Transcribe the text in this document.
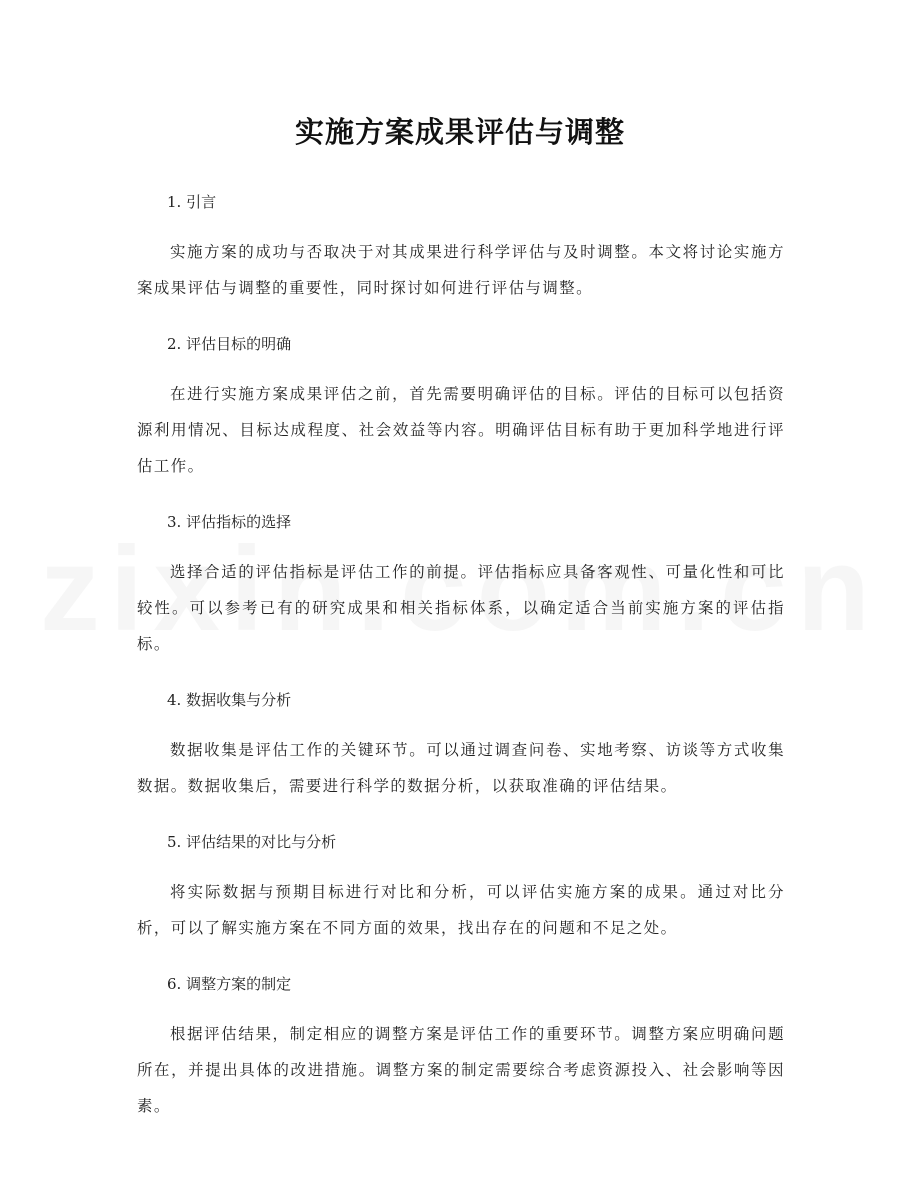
实施方案成果评估与调整
1. 引言

实施方案的成功与否取决于对其成果进行科学评估与及时调整。本文将讨论实施方案成果评估与调整的重要性，同时探讨如何进行评估与调整。

2. 评估目标的明确

在进行实施方案成果评估之前，首先需要明确评估的目标。评估的目标可以包括资源利用情况、目标达成程度、社会效益等内容。明确评估目标有助于更加科学地进行评估工作。

3. 评估指标的选择

选择合适的评估指标是评估工作的前提。评估指标应具备客观性、可量化性和可比较性。可以参考已有的研究成果和相关指标体系，以确定适合当前实施方案的评估指标。

4. 数据收集与分析

数据收集是评估工作的关键环节。可以通过调查问卷、实地考察、访谈等方式收集数据。数据收集后，需要进行科学的数据分析，以获取准确的评估结果。

5. 评估结果的对比与分析

将实际数据与预期目标进行对比和分析，可以评估实施方案的成果。通过对比分析，可以了解实施方案在不同方面的效果，找出存在的问题和不足之处。

6. 调整方案的制定

根据评估结果，制定相应的调整方案是评估工作的重要环节。调整方案应明确问题所在，并提出具体的改进措施。调整方案的制定需要综合考虑资源投入、社会影响等因素。
